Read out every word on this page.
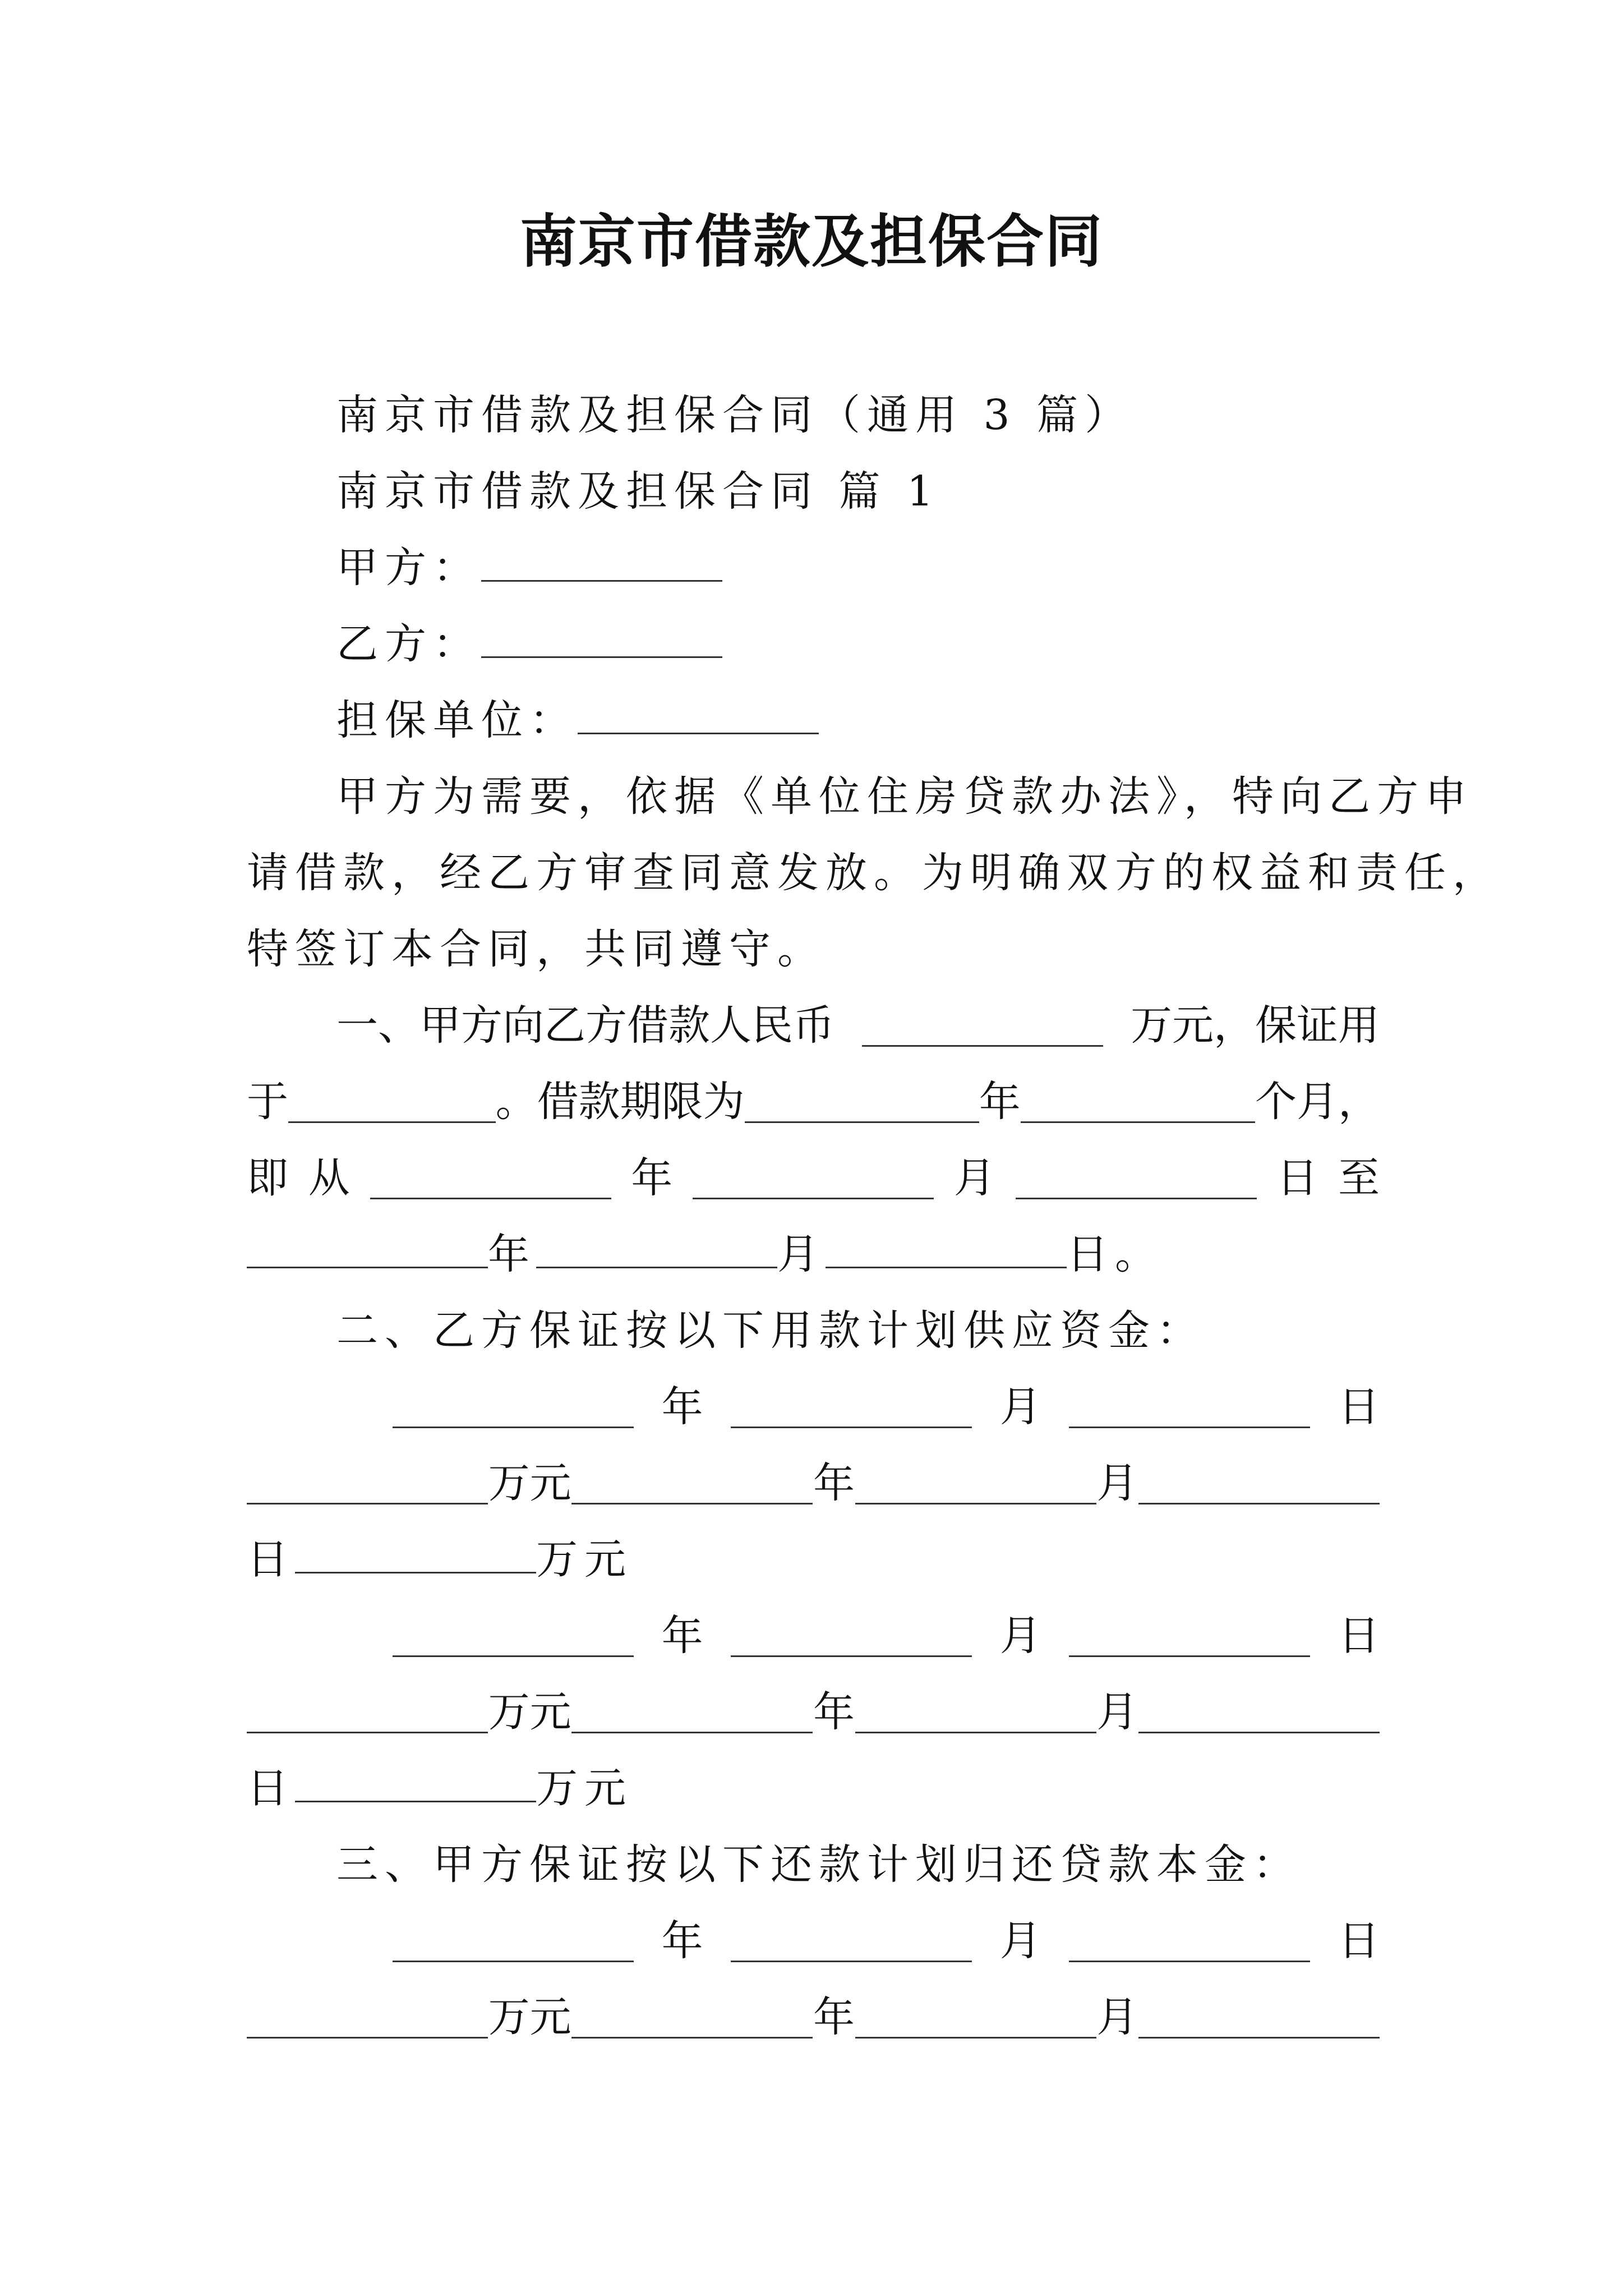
南京市借款及担保合同
南京市借款及担保合同（通用 3 篇）
南京市借款及担保合同 篇 1
甲方：
乙方：
担保单位：
甲方为需要，依据《单位住房贷款办法》，特向乙方申
请借款，经乙方审查同意发放。为明确双方的权益和责任，
特签订本合同，共同遵守。
一、甲方向乙方借款人民币	万元，保证用
于	。借款期限为	年	个月，
即 从	年	月	日 至
年	月	日。
二、乙方保证按以下用款计划供应资金：
年	月	日
万元	年	月
日	万元
年	月	日
万元	年	月
日	万元
三、甲方保证按以下还款计划归还贷款本金：
年	月	日
万元	年	月
